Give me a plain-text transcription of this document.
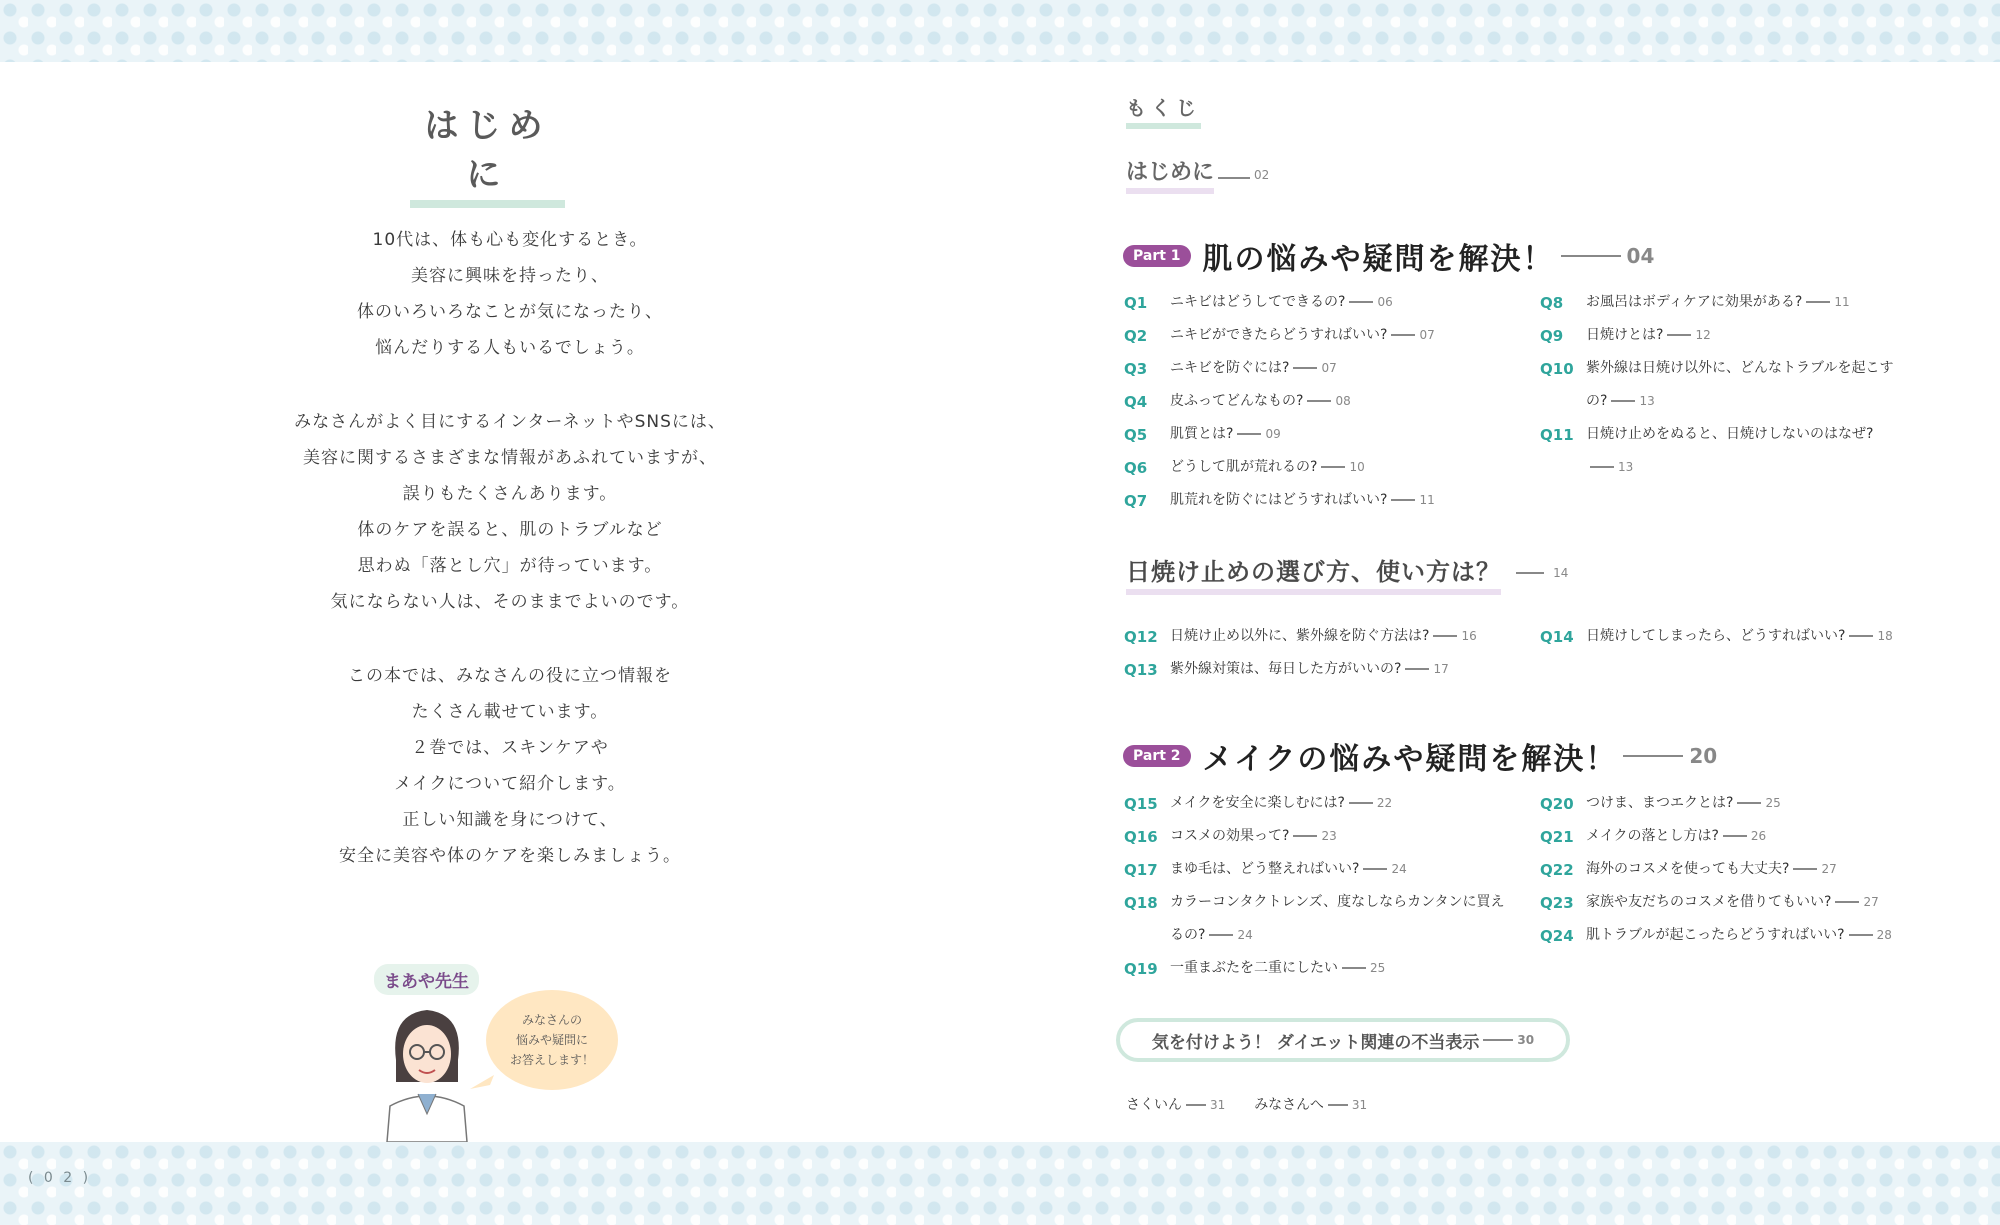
はじめに
10代は、体も心も変化するとき。
美容に興味を持ったり、
体のいろいろなことが気になったり、
悩んだりする人もいるでしょう。
みなさんがよく目にするインターネットやSNSには、
美容に関するさまざまな情報があふれていますが、
誤りもたくさんあります。
体のケアを誤ると、肌のトラブルなど
思わぬ「落とし穴」が待っています。
気にならない人は、そのままでよいのです。
この本では、みなさんの役に立つ情報を
たくさん載せています。
２巻では、スキンケアや
メイクについて紹介します。
正しい知識を身につけて、
安全に美容や体のケアを楽しみましょう。
まあや先生
みなさんの
悩みや疑問に
お答えします！
( 0 2 )
もくじ
はじめに	02
Part 1 肌の悩みや疑問を解決！	04
Q1	ニキビはどうしてできるの?	06
Q2	ニキビができたらどうすればいい?	07
Q3	ニキビを防ぐには?	07
Q4	皮ふってどんなもの?	08
Q5	肌質とは?	09
Q6	どうして肌が荒れるの?	10
Q7	肌荒れを防ぐにはどうすればいい?	11
Q8	お風呂はボディケアに効果がある?	11
Q9	日焼けとは?	12
Q10 紫外線は日焼け以外に、どんなトラブルを起こす
の?	13
Q11 日焼け止めをぬると、日焼けしないのはなぜ?
13
日焼け止めの選び方、使い方は？	14
Q12 日焼け止め以外に、紫外線を防ぐ方法は?	16
Q13 紫外線対策は、毎日した方がいいの?	17
Q14 日焼けしてしまったら、どうすればいい?	18
Part 2 メイクの悩みや疑問を解決！	20
Q15 メイクを安全に楽しむには?	22
Q16 コスメの効果って?	23
Q17 まゆ毛は、どう整えればいい?	24
Q18 カラーコンタクトレンズ、度なしならカンタンに買え
るの?	24
Q19 一重まぶたを二重にしたい	25
Q20 つけま、まつエクとは?	25
Q21 メイクの落とし方は?	26
Q22 海外のコスメを使っても大丈夫?	27
Q23 家族や友だちのコスメを借りてもいい?	27
Q24 肌トラブルが起こったらどうすればいい?	28
気を付けよう！ ダイエット関連の不当表示	30
さくいん 31 みなさんへ 31
